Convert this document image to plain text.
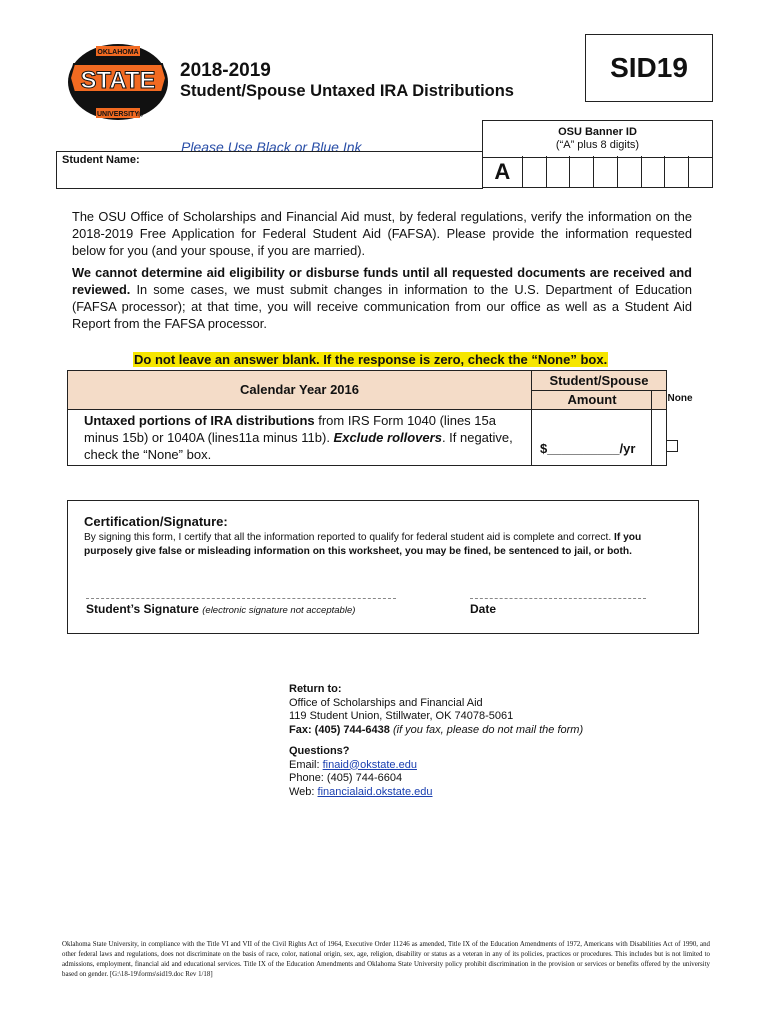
OKLAHOMA
STATE
UNIVERSITY
®
2018-2019
Student/Spouse Untaxed IRA Distributions
SID19
Please Use Black or Blue Ink
Student Name:
OSU Banner ID
(“A” plus 8 digits)
A
The OSU Office of Scholarships and Financial Aid must, by federal regulations, verify the information on the 2018-2019 Free Application for Federal Student Aid (FAFSA). Please provide the information requested below for you (and your spouse, if you are married).
We cannot determine aid eligibility or disburse funds until all requested documents are received and reviewed. In some cases, we must submit changes in information to the U.S. Department of Education (FAFSA processor); at that time, you will receive communication from our office as well as a Student Aid Report from the FAFSA processor.
Do not leave an answer blank. If the response is zero, check the “None” box.
Calendar Year 2016
Student/Spouse
Amount	None
Untaxed portions of IRA distributions from IRS Form 1040 (lines 15a minus 15b) or 1040A (lines11a minus 11b). Exclude rollovers. If negative, check the “None” box.	$__________/yr
Certification/Signature:
By signing this form, I certify that all the information reported to qualify for federal student aid is complete and correct. If you purposely give false or misleading information on this worksheet, you may be fined, be sentenced to jail, or both.
Student’s Signature (electronic signature not acceptable)	Date
Return to:
Office of Scholarships and Financial Aid
119 Student Union, Stillwater, OK 74078-5061
Fax: (405) 744-6438 (if you fax, please do not mail the form)
Questions?
Email: finaid@okstate.edu
Phone: (405) 744-6604
Web: financialaid.okstate.edu
Oklahoma State University, in compliance with the Title VI and VII of the Civil Rights Act of 1964, Executive Order 11246 as amended, Title IX of the Education Amendments of 1972, Americans with Disabilities Act of 1990, and other federal laws and regulations, does not discriminate on the basis of race, color, national origin, sex, age, religion, disability or status as a veteran in any of its policies, practices or procedures. This includes but is not limited to admissions, employment, financial aid and educational services. Title IX of the Education Amendments and Oklahoma State University policy prohibit discrimination in the provision or services or benefits offered by the university based on gender. [G:\18-19\forms\sid19.doc Rev 1/18]
